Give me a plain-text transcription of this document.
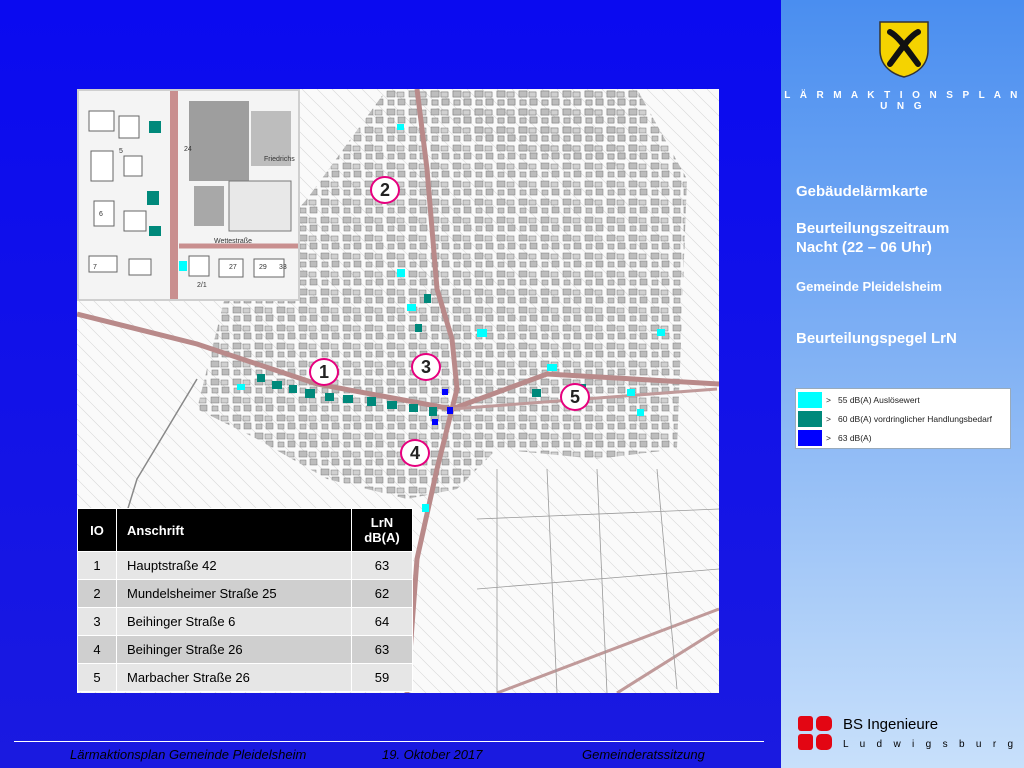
Friedrichs
Wettestraße
24
27	29 33
2/1
5
6
7
1
2
3
4
5
IO	Anschrift	LrN
dB(A)
1	Hauptstraße 42	63
2	Mundelsheimer Straße 25	62
3	Beihinger Straße 6	64
4	Beihinger Straße 26	63
5	Marbacher Straße 26	59
L Ä R M A K T I O N S P L A N U N G
Gebäudelärmkarte
Beurteilungszeitraum
Nacht (22 – 06 Uhr)
Gemeinde Pleidelsheim
Beurteilungspegel LrN
> 55 dB(A) Auslösewert
> 60 dB(A) vordringlicher Handlungsbedarf
> 63 dB(A)
BS Ingenieure
L u d w i g s b u r g
Lärmaktionsplan Gemeinde Pleidelsheim	19. Oktober 2017	Gemeinderatssitzung
